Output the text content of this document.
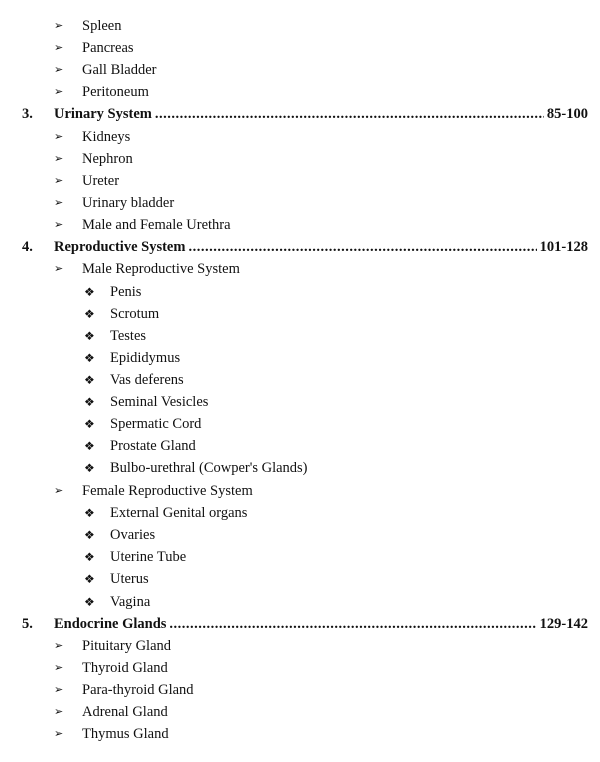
➢ Spleen
➢ Pancreas
➢ Gall Bladder
➢ Peritoneum
3.	Urinary System .....	85-100
➢ Kidneys
➢ Nephron
➢ Ureter
➢ Urinary bladder
➢ Male and Female Urethra
4.	Reproductive System .....	101-128
➢ Male Reproductive System
❖ Penis
❖ Scrotum
❖ Testes
❖ Epididymus
❖ Vas deferens
❖ Seminal Vesicles
❖ Spermatic Cord
❖ Prostate Gland
❖ Bulbo-urethral (Cowper's Glands)
➢ Female Reproductive System
❖ External Genital organs
❖ Ovaries
❖ Uterine Tube
❖ Uterus
❖ Vagina
5.	Endocrine Glands .....	129-142
➢ Pituitary Gland
➢ Thyroid Gland
➢ Para-thyroid Gland
➢ Adrenal Gland
➢ Thymus Gland
